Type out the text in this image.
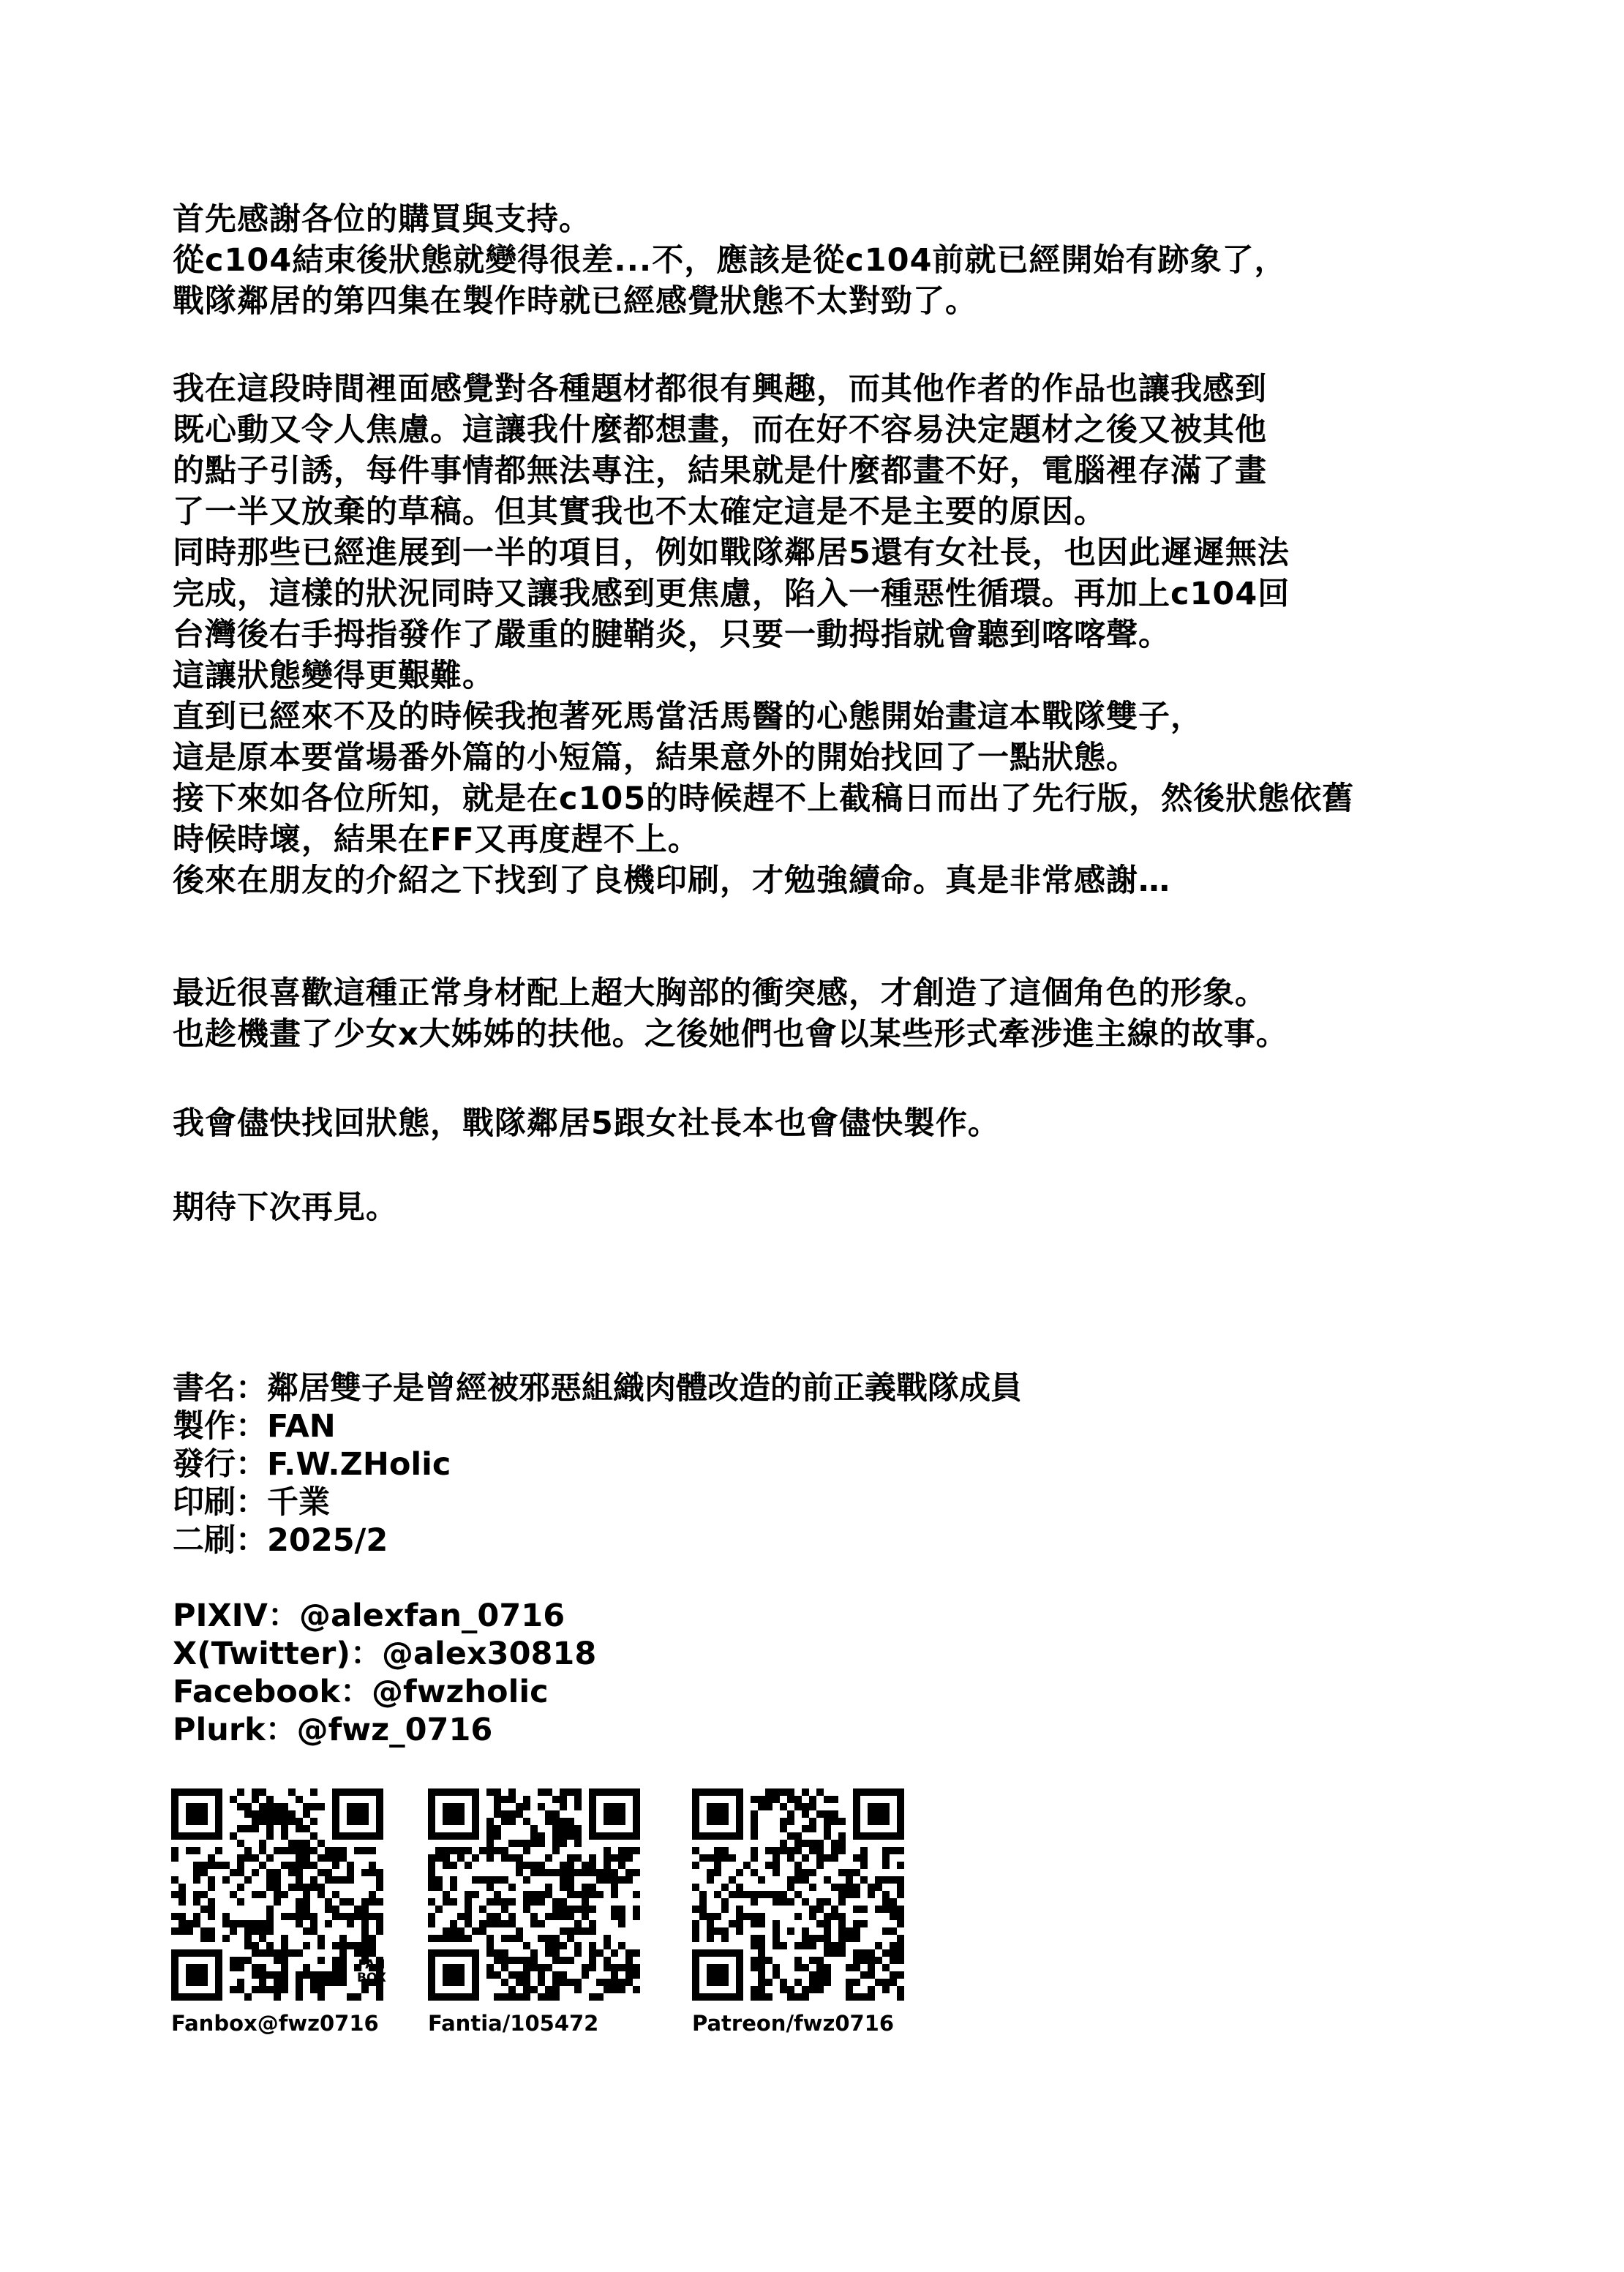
首先感謝各位的購買與支持。
從c104結束後狀態就變得很差...不，應該是從c104前就已經開始有跡象了，
戰隊鄰居的第四集在製作時就已經感覺狀態不太對勁了。
我在這段時間裡面感覺對各種題材都很有興趣，而其他作者的作品也讓我感到
既心動又令人焦慮。這讓我什麼都想畫，而在好不容易決定題材之後又被其他
的點子引誘，每件事情都無法專注，結果就是什麼都畫不好，電腦裡存滿了畫
了一半又放棄的草稿。但其實我也不太確定這是不是主要的原因。
同時那些已經進展到一半的項目，例如戰隊鄰居5還有女社長，也因此遲遲無法
完成，這樣的狀況同時又讓我感到更焦慮，陷入一種惡性循環。再加上c104回
台灣後右手拇指發作了嚴重的腱鞘炎，只要一動拇指就會聽到喀喀聲。
這讓狀態變得更艱難。
直到已經來不及的時候我抱著死馬當活馬醫的心態開始畫這本戰隊雙子，
這是原本要當場番外篇的小短篇，結果意外的開始找回了一點狀態。
接下來如各位所知，就是在c105的時候趕不上截稿日而出了先行版，然後狀態依舊
時候時壞，結果在FF又再度趕不上。
後來在朋友的介紹之下找到了良機印刷，才勉強續命。真是非常感謝…
最近很喜歡這種正常身材配上超大胸部的衝突感，才創造了這個角色的形象。
也趁機畫了少女x大姊姊的扶他。之後她們也會以某些形式牽涉進主線的故事。
我會儘快找回狀態，戰隊鄰居5跟女社長本也會儘快製作。
期待下次再見。
書名：鄰居雙子是曾經被邪惡組織肉體改造的前正義戰隊成員
製作：FAN
發行：F.W.ZHolic
印刷：千業
二刷：2025/2
PIXIV：@alexfan_0716
X(Twitter)：@alex30818
Facebook：@fwzholic
Plurk：@fwz_0716
FAN BOX
Fanbox@fwz0716	Fantia/105472	Patreon/fwz0716
